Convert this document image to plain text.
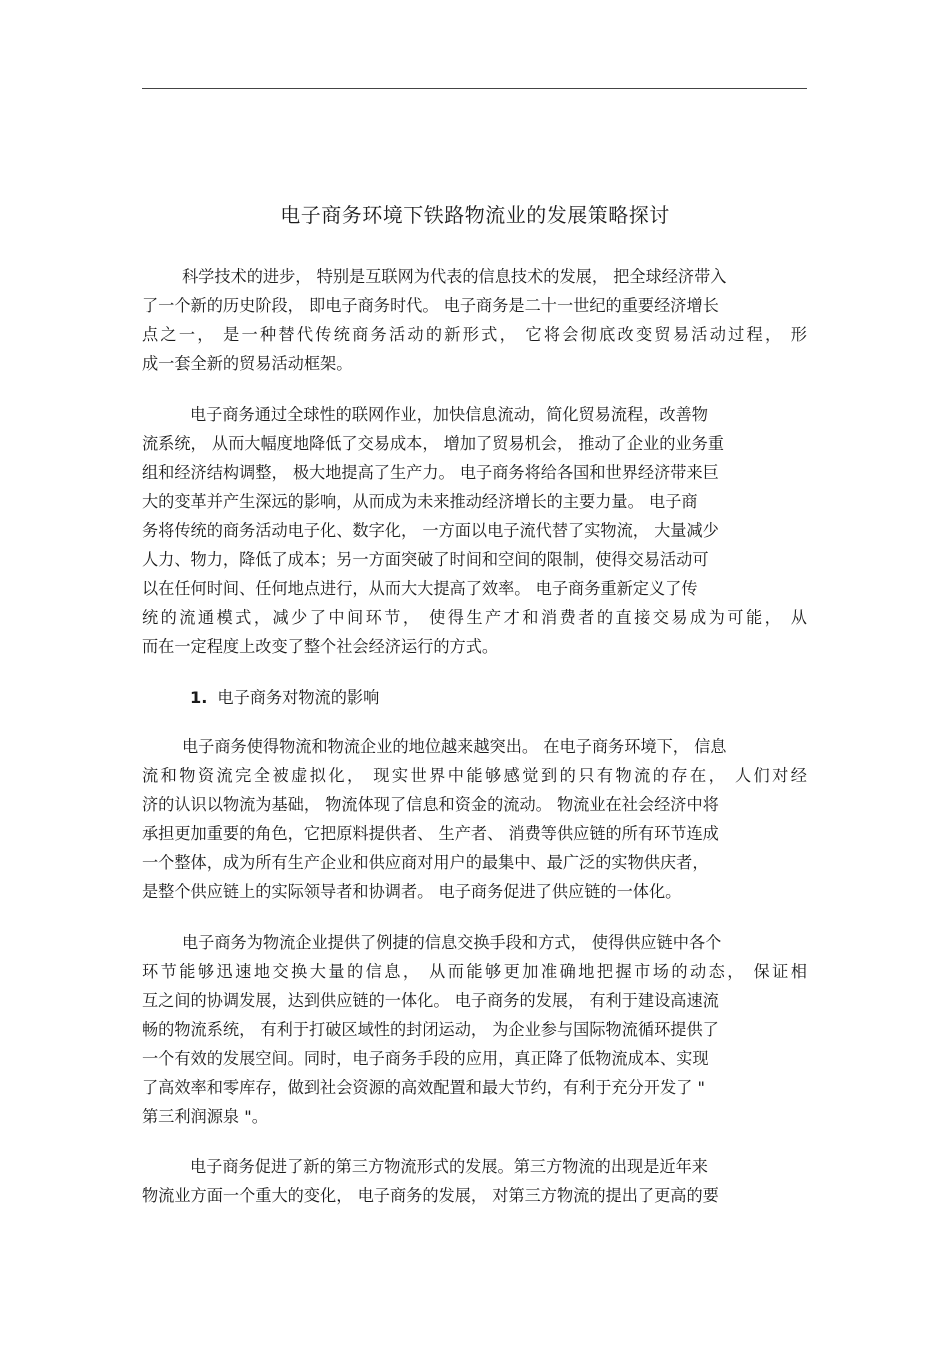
电子商务环境下铁路物流业的发展策略探讨
科学技术的进步， 特别是互联网为代表的信息技术的发展， 把全球经济带入
了一个新的历史阶段， 即电子商务时代。 电子商务是二十一世纪的重要经济增长
点之一， 是一种替代传统商务活动的新形式， 它将会彻底改变贸易活动过程， 形
成一套全新的贸易活动框架。
电子商务通过全球性的联网作业，加快信息流动，简化贸易流程，改善物
流系统， 从而大幅度地降低了交易成本， 增加了贸易机会， 推动了企业的业务重
组和经济结构调整， 极大地提高了生产力。 电子商务将给各国和世界经济带来巨
大的变革并产生深远的影响，从而成为未来推动经济增长的主要力量。 电子商
务将传统的商务活动电子化、数字化， 一方面以电子流代替了实物流， 大量减少
人力、物力，降低了成本；另一方面突破了时间和空间的限制，使得交易活动可
以在任何时间、任何地点进行，从而大大提高了效率。 电子商务重新定义了传
统的流通模式，减少了中间环节， 使得生产才和消费者的直接交易成为可能， 从
而在一定程度上改变了整个社会经济运行的方式。
1. 电子商务对物流的影响
电子商务使得物流和物流企业的地位越来越突出。 在电子商务环境下， 信息
流和物资流完全被虚拟化， 现实世界中能够感觉到的只有物流的存在， 人们对经
济的认识以物流为基础， 物流体现了信息和资金的流动。 物流业在社会经济中将
承担更加重要的角色，它把原料提供者、 生产者、 消费等供应链的所有环节连成
一个整体，成为所有生产企业和供应商对用户的最集中、最广泛的实物供庆者，
是整个供应链上的实际领导者和协调者。 电子商务促进了供应链的一体化。
电子商务为物流企业提供了例捷的信息交换手段和方式， 使得供应链中各个
环节能够迅速地交换大量的信息， 从而能够更加准确地把握市场的动态， 保证相
互之间的协调发展，达到供应链的一体化。 电子商务的发展， 有利于建设高速流
畅的物流系统， 有利于打破区域性的封闭运动， 为企业参与国际物流循环提供了
一个有效的发展空间。同时，电子商务手段的应用，真正降了低物流成本、实现
了高效率和零库存，做到社会资源的高效配置和最大节约，有利于充分开发了 "
第三利润源泉 "。
电子商务促进了新的第三方物流形式的发展。第三方物流的出现是近年来
物流业方面一个重大的变化， 电子商务的发展， 对第三方物流的提出了更高的要
